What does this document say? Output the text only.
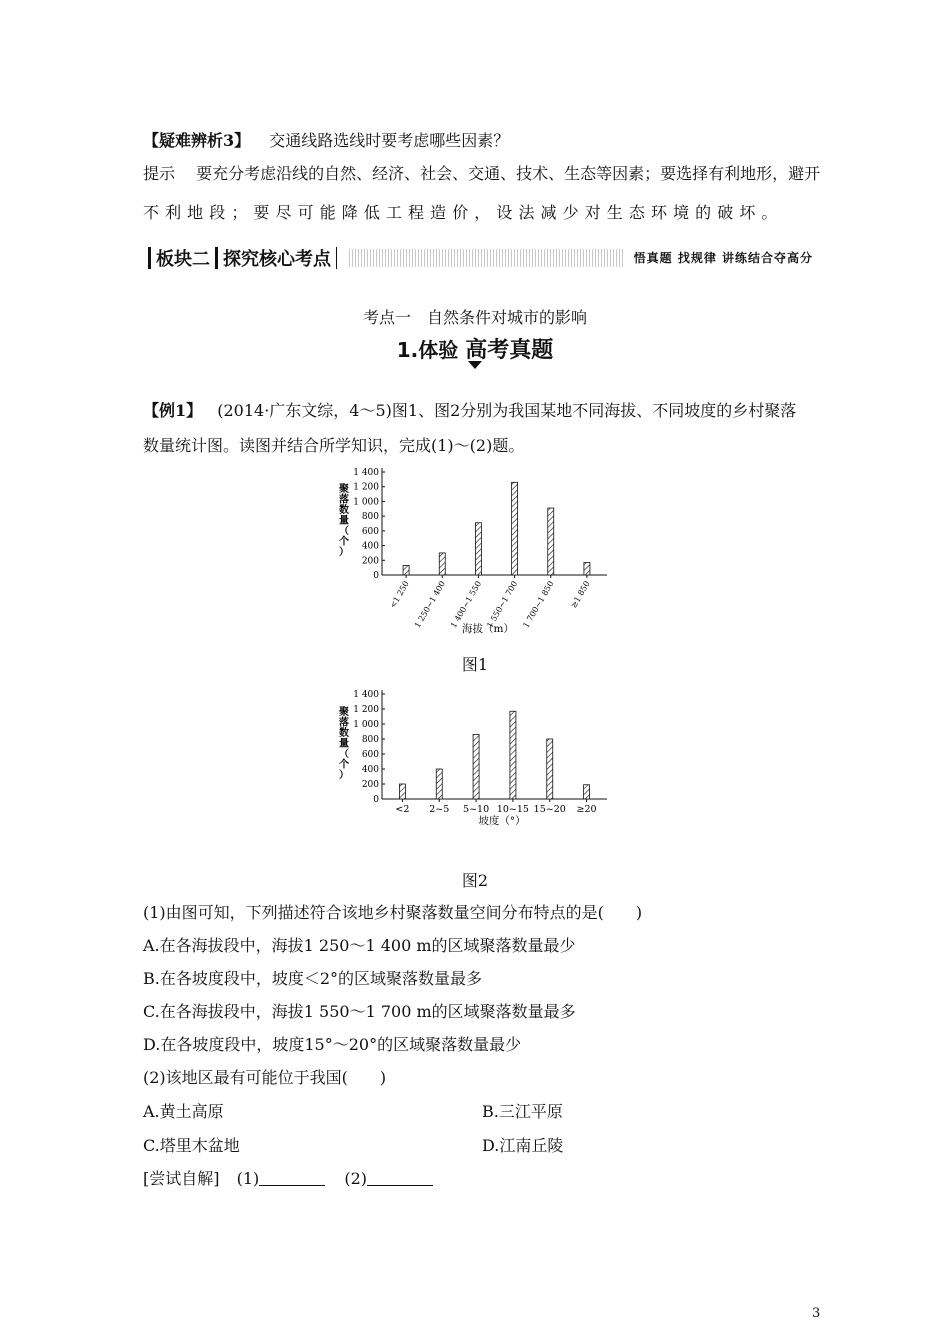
【疑难辨析3】 交通线路选线时要考虑哪些因素？
提示 要充分考虑沿线的自然、经济、社会、交通、技术、生态等因素；要选择有利地形，避开
不 利 地 段 ； 要 尽 可 能 降 低 工 程 造 价 ， 设 法 减 少 对 生 态 环 境 的 破 坏 。
板块二 探究核心考点	悟真题 找规律 讲练结合夺高分
考点一　自然条件对城市的影响
1.体验 高考真题
【例1】 (2014·广东文综，4～5)图1、图2分别为我国某地不同海拔、不同坡度的乡村聚落
数量统计图。读图并结合所学知识，完成(1)～(2)题。
0
200
400
600
800
1 000
1 200
1 400
聚落数量（个）
<1 250 1 250~1 400 1 400~1 550 1 550~1 700 1 700~1 850 ≥1 850
海拔（m）
图1
0
200
400
600
800
1 000
1 200
1 400
聚落数量（个）
<2 2~5 5~10 10~15 15~20 ≥20
坡度（°）
图2
(1)由图可知，下列描述符合该地乡村聚落数量空间分布特点的是(　　)
A.在各海拔段中，海拔1 250～1 400 m的区域聚落数量最少
B.在各坡度段中，坡度＜2°的区域聚落数量最多
C.在各海拔段中，海拔1 550～1 700 m的区域聚落数量最多
D.在各坡度段中，坡度15°～20°的区域聚落数量最少
(2)该地区最有可能位于我国(　　)
A.黄土高原	B.三江平原
C.塔里木盆地	D.江南丘陵
[尝试自解] (1)	(2)
3
